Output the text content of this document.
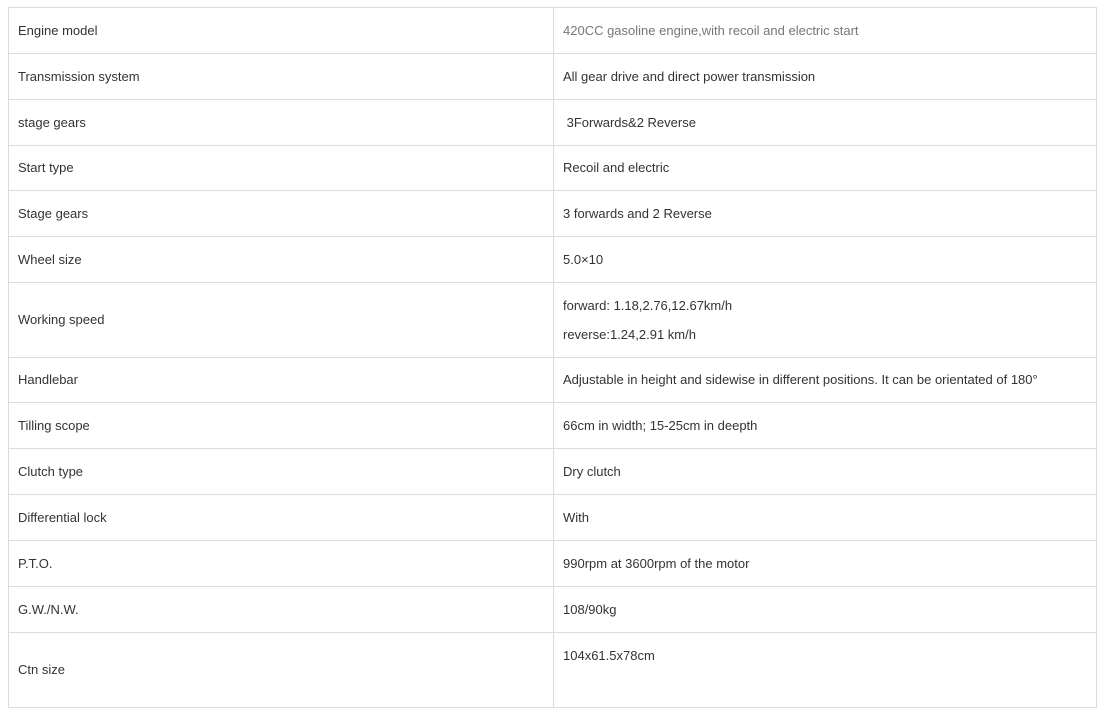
Engine model	420CC gasoline engine,with recoil and electric start
Transmission system	All gear drive and direct power transmission
stage gears	3Forwards&2 Reverse
Start type	Recoil and electric
Stage gears	3 forwards and 2 Reverse
Wheel size	5.0×10
Working speed	forward: 1.18,2.76,12.67km/h
reverse:1.24,2.91 km/h

Handlebar	Adjustable in height and sidewise in different positions. It can be orientated of 180°
Tilling scope	66cm in width; 15-25cm in deepth
Clutch type	Dry clutch
Differential lock	With
P.T.O.	990rpm at 3600rpm of the motor
G.W./N.W.	108/90kg
Ctn size	104x61.5x78cm
